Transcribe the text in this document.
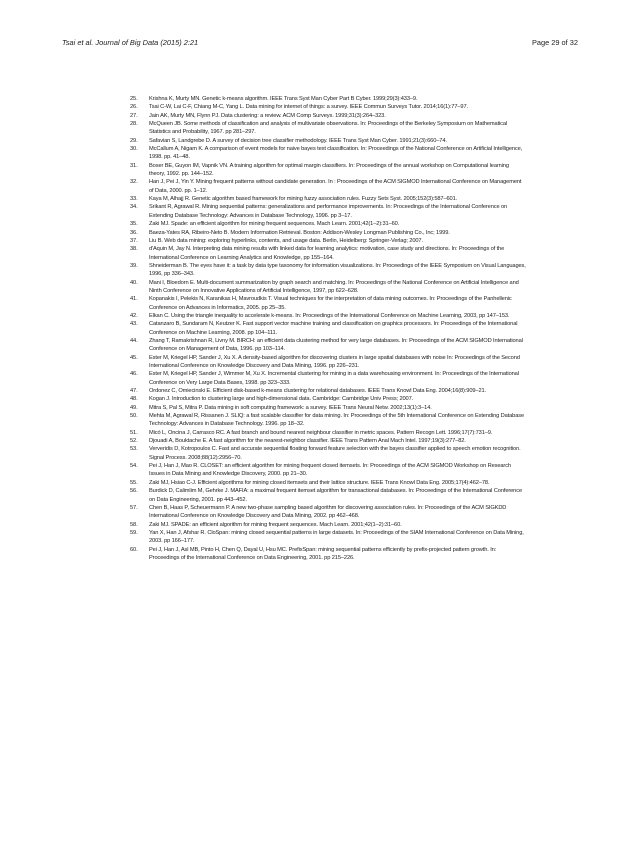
Tsai et al. Journal of Big Data (2015) 2:21	Page 29 of 32
25.	Krishna K, Murty MN. Genetic k-means algorithm. IEEE Trans Syst Man Cyber Part B Cyber. 1999;29(3):433–9.
26.	Tsai C-W, Lai C-F, Chiang M-C, Yang L. Data mining for internet of things: a survey. IEEE Commun Surveys Tutor. 2014;16(1):77–97.
27.	Jain AK, Murty MN, Flynn PJ. Data clustering: a review. ACM Comp Surveys. 1999;31(3):264–323.
28.	McQueen JB. Some methods of classification and analysis of multivariate observations. In: Proceedings of the Berkeley Symposium on Mathematical Statistics and Probability, 1967. pp 281–297.
29.	Safavian S, Landgrebe D. A survey of decision tree classifier methodology. IEEE Trans Syst Man Cyber. 1991;21(3):660–74.
30.	McCallum A, Nigam K. A comparison of event models for naive bayes text classification. In: Proceedings of the National Conference on Artificial Intelligence, 1998. pp. 41–48.
31.	Boser BE, Guyon IM, Vapnik VN. A training algorithm for optimal margin classifiers. In: Proceedings of the annual workshop on Computational learning theory, 1992. pp. 144–152.
32.	Han J, Pei J, Yin Y. Mining frequent patterns without candidate generation. In : Proceedings of the ACM SIGMOD International Conference on Management of Data, 2000. pp. 1–12.
33.	Kaya M, Alhajj R. Genetic algorithm based framework for mining fuzzy association rules. Fuzzy Sets Syst. 2005;152(3):587–601.
34.	Srikant R, Agrawal R. Mining sequential patterns: generalizations and performance improvements. In: Proceedings of the International Conference on Extending Database Technology: Advances in Database Technology, 1996. pp 3–17.
35.	Zaki MJ. Spade: an efficient algorithm for mining frequent sequences. Mach Learn. 2001;42(1–2):31–60.
36.	Baeza-Yates RA, Ribeiro-Neto B. Modern Information Retrieval. Boston: Addison-Wesley Longman Publishing Co., Inc; 1999.
37.	Liu B. Web data mining: exploring hyperlinks, contents, and usage data. Berlin, Heidelberg: Springer-Verlag; 2007.
38.	d'Aquin M, Jay N. Interpreting data mining results with linked data for learning analytics: motivation, case study and directions. In: Proceedings of the International Conference on Learning Analytics and Knowledge, pp 155–164.
39.	Shneiderman B. The eyes have it: a task by data type taxonomy for information visualizations. In: Proceedings of the IEEE Symposium on Visual Languages, 1996, pp 336–343.
40.	Mani I, Bloedorn E. Multi-document summarization by graph search and matching. In: Proceedings of the National Conference on Artificial Intelligence and Ninth Conference on Innovative Applications of Artificial Intelligence, 1997, pp 622–628.
41.	Kopanakis I, Pelekis N, Karanikas H, Mavroudkis T. Visual techniques for the interpretation of data mining outcomes. In: Proceedings of the Panhellenic Conference on Advances in Informatics, 2005. pp 25–35.
42.	Elkan C. Using the triangle inequality to accelerate k-means. In: Proceedings of the International Conference on Machine Learning, 2003, pp 147–153.
43.	Catanzaro B, Sundaram N, Keutzer K. Fast support vector machine training and classification on graphics processors. In: Proceedings of the International Conference on Machine Learning, 2008. pp 104–111.
44.	Zhang T, Ramakrishnan R, Livny M. BIRCH: an efficient data clustering method for very large databases. In: Proceedings of the ACM SIGMOD International Conference on Management of Data, 1996. pp 103–114.
45.	Ester M, Kriegel HP, Sander J, Xu X. A density-based algorithm for discovering clusters in large spatial databases with noise In: Proceedings of the Second International Conference on Knowledge Discovery and Data Mining, 1996. pp 226–231.
46.	Ester M, Kriegel HP, Sander J, Wimmer M, Xu X. Incremental clustering for mining in a data warehousing environment. In: Proceedings of the International Conference on Very Large Data Bases, 1998. pp 323–333.
47.	Ordonez C, Omiecinski E. Efficient disk-based k-means clustering for relational databases. IEEE Trans Knowl Data Eng. 2004;16(8):909–21.
48.	Kogan J. Introduction to clustering large and high-dimensional data. Cambridge: Cambridge Univ Press; 2007.
49.	Mitra S, Pal S, Mitra P. Data mining in soft computing framework: a survey. IEEE Trans Neural Netw. 2002;13(1):3–14.
50.	Mehta M, Agrawal R, Rissanen J. SLIQ: a fast scalable classifier for data mining. In: Proceedings of the 5th International Conference on Extending Database Technology: Advances in Database Technology. 1996. pp 18–32.
51.	Micó L, Oncina J, Carrasco RC. A fast branch and bound nearest neighbour classifier in metric spaces. Pattern Recogn Lett. 1996;17(7):731–9.
52.	Djouadi A, Bouktache E. A fast algorithm for the nearest-neighbor classifier. IEEE Trans Pattern Anal Mach Intel. 1997;19(3):277–82.
53.	Ververidis D, Kotropoulos C. Fast and accurate sequential floating forward feature selection with the bayes classifier applied to speech emotion recognition. Signal Process. 2008;88(12):2956–70.
54.	Pei J, Han J, Mao R. CLOSET: an efficient algorithm for mining frequent closed itemsets. In: Proceedings of the ACM SIGMOD Workshop on Research Issues in Data Mining and Knowledge Discovery, 2000. pp 21–30.
55.	Zaki MJ, Hsiao C-J. Efficient algorithms for mining closed itemsets and their lattice structure. IEEE Trans Knowl Data Eng. 2005;17(4):462–78.
56.	Burdick D, Calimlim M, Gehrke J. MAFIA: a maximal frequent itemset algorithm for transactional databases. In: Proceedings of the International Conference on Data Engineering, 2001. pp 443–452.
57.	Chen B, Haas P, Scheuermann P. A new two-phase sampling based algorithm for discovering association rules. In: Proceedings of the ACM SIGKDD International Conference on Knowledge Discovery and Data Mining, 2002. pp 462–468.
58.	Zaki MJ. SPADE: an efficient algorithm for mining frequent sequences. Mach Learn. 2001;42(1–2):31–60.
59.	Yan X, Han J, Afshar R. CloSpan: mining closed sequential patterns in large datasets. In: Proceedings of the SIAM International Conference on Data Mining, 2003. pp 166–177.
60.	Pei J, Han J, Asl MB, Pinto H, Chen Q, Dayal U, Hsu MC. PrefixSpan: mining sequential patterns efficiently by prefix-projected pattern growth. In: Proceedings of the International Conference on Data Engineering, 2001. pp 215–226.
